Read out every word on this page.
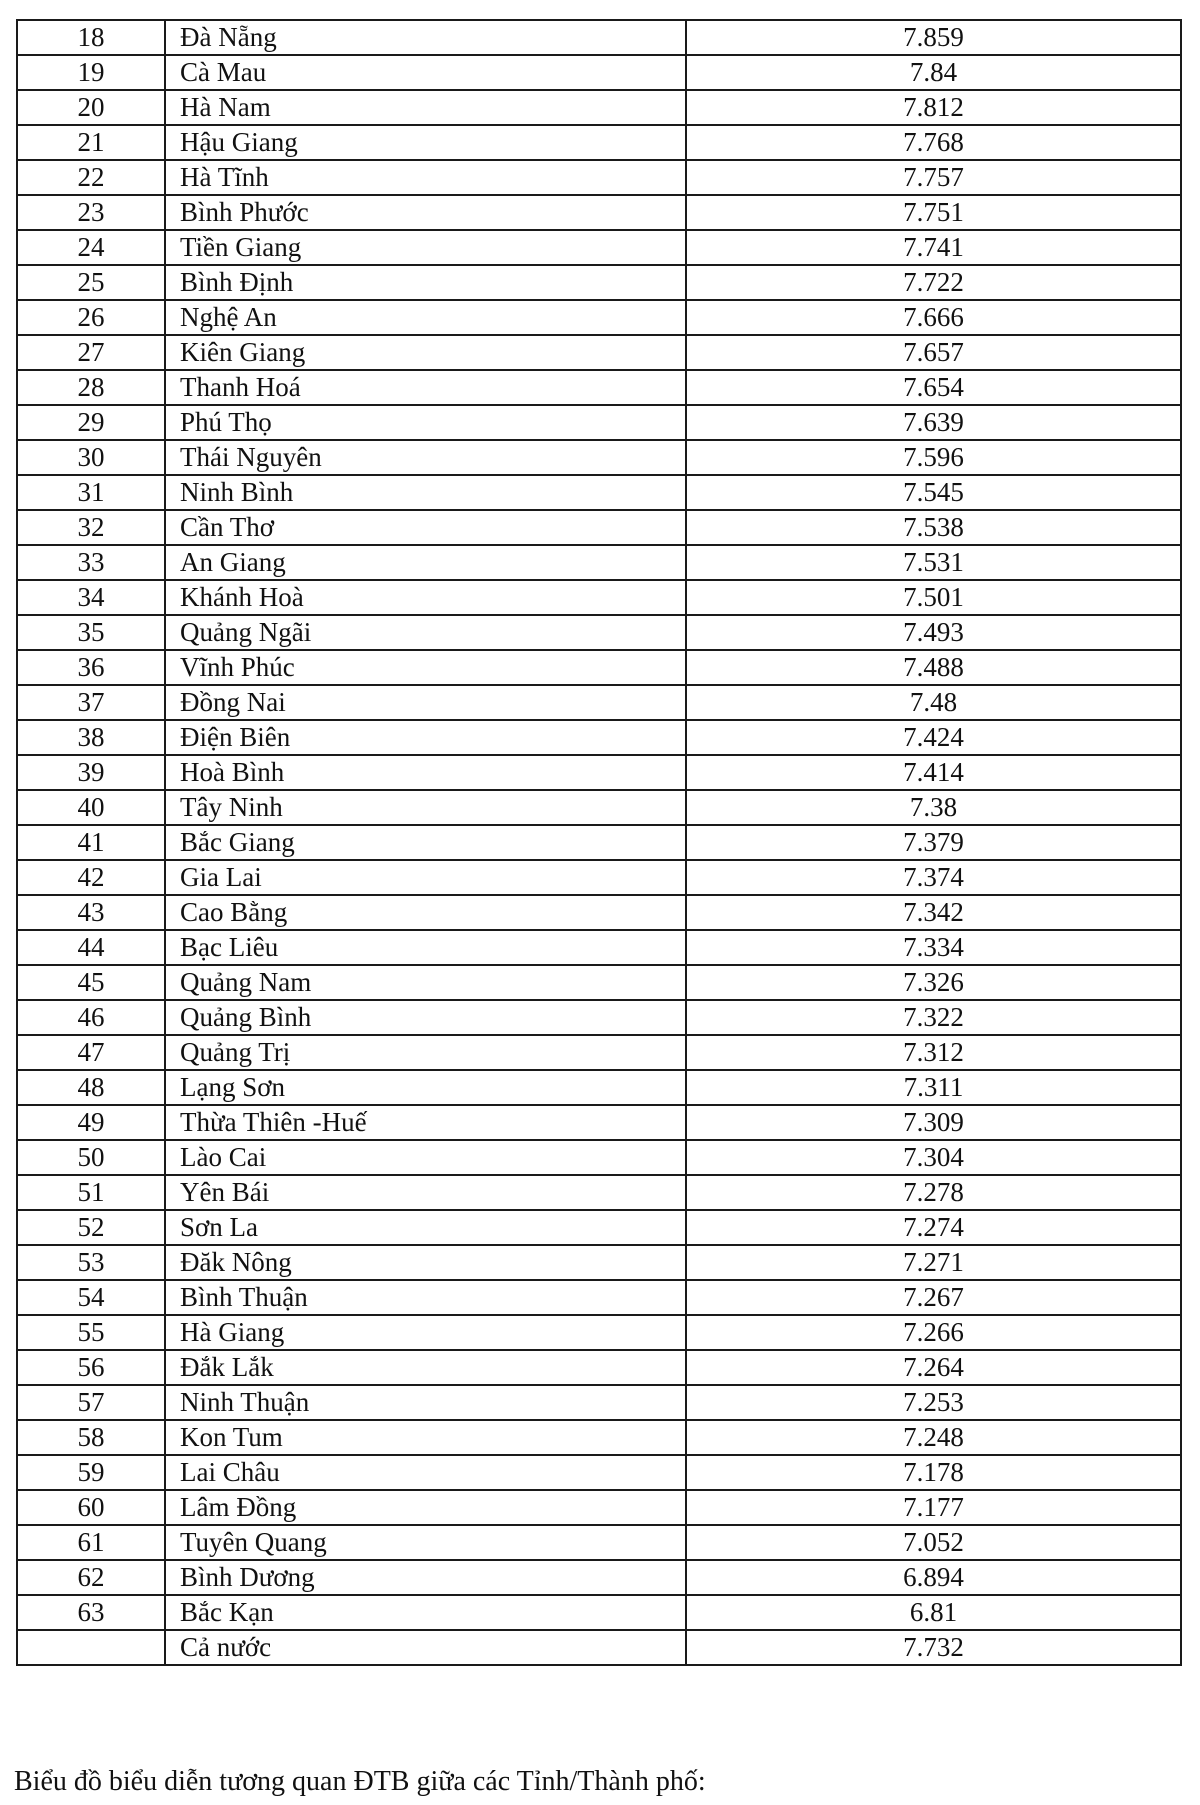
18	Đà Nẵng	7.859
19	Cà Mau	7.84
20	Hà Nam	7.812
21	Hậu Giang	7.768
22	Hà Tĩnh	7.757
23	Bình Phước	7.751
24	Tiền Giang	7.741
25	Bình Định	7.722
26	Nghệ An	7.666
27	Kiên Giang	7.657
28	Thanh Hoá	7.654
29	Phú Thọ	7.639
30	Thái Nguyên	7.596
31	Ninh Bình	7.545
32	Cần Thơ	7.538
33	An Giang	7.531
34	Khánh Hoà	7.501
35	Quảng Ngãi	7.493
36	Vĩnh Phúc	7.488
37	Đồng Nai	7.48
38	Điện Biên	7.424
39	Hoà Bình	7.414
40	Tây Ninh	7.38
41	Bắc Giang	7.379
42	Gia Lai	7.374
43	Cao Bằng	7.342
44	Bạc Liêu	7.334
45	Quảng Nam	7.326
46	Quảng Bình	7.322
47	Quảng Trị	7.312
48	Lạng Sơn	7.311
49	Thừa Thiên -Huế	7.309
50	Lào Cai	7.304
51	Yên Bái	7.278
52	Sơn La	7.274
53	Đăk Nông	7.271
54	Bình Thuận	7.267
55	Hà Giang	7.266
56	Đắk Lắk	7.264
57	Ninh Thuận	7.253
58	Kon Tum	7.248
59	Lai Châu	7.178
60	Lâm Đồng	7.177
61	Tuyên Quang	7.052
62	Bình Dương	6.894
63	Bắc Kạn	6.81
	Cả nước	7.732
Biểu đồ biểu diễn tương quan ĐTB giữa các Tỉnh/Thành phố:
